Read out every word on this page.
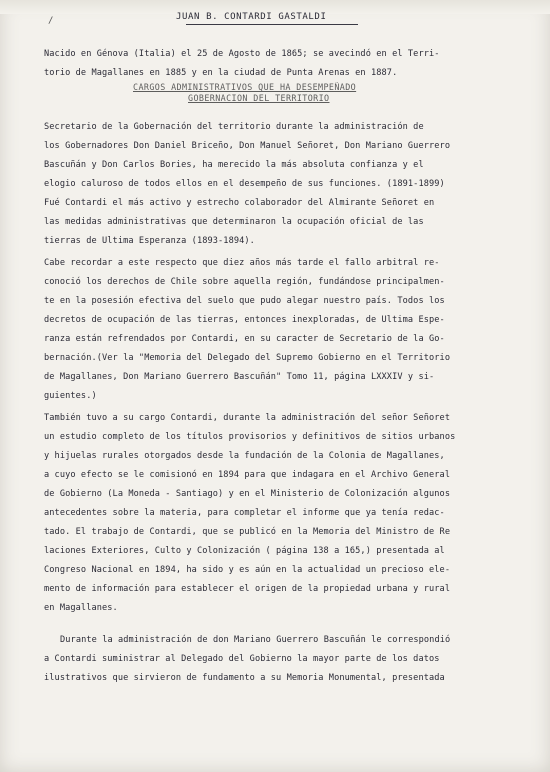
/	JUAN B. CONTARDI GASTALDI
Nacido en Génova (Italia) el 25 de Agosto de 1865; se avecindó en el Terri-
torio de Magallanes en 1885 y en la ciudad de Punta Arenas en 1887.
CARGOS ADMINISTRATIVOS QUE HA DESEMPEÑADO
GOBERNACION DEL TERRITORIO
Secretario de la Gobernación del territorio durante la administración de
los Gobernadores Don Daniel Briceño, Don Manuel Señoret, Don Mariano Guerrero
Bascuñán y Don Carlos Bories, ha merecido la más absoluta confianza y el
elogio caluroso de todos ellos en el desempeño de sus funciones. (1891-1899)
Fué Contardi el más activo y estrecho colaborador del Almirante Señoret en
las medidas administrativas que determinaron la ocupación oficial de las
tierras de Ultima Esperanza (1893-1894).
Cabe recordar a este respecto que diez años más tarde el fallo arbitral re-
conoció los derechos de Chile sobre aquella región, fundándose principalmen-
te en la posesión efectiva del suelo que pudo alegar nuestro país. Todos los
decretos de ocupación de las tierras, entonces inexploradas, de Ultima Espe-
ranza están refrendados por Contardi, en su caracter de Secretario de la Go-
bernación.(Ver la "Memoria del Delegado del Supremo Gobierno en el Territorio
de Magallanes, Don Mariano Guerrero Bascuñán" Tomo 11, página LXXXIV y si-
guientes.)
También tuvo a su cargo Contardi, durante la administración del señor Señoret
un estudio completo de los títulos provisorios y definitivos de sitios urbanos
y hijuelas rurales otorgados desde la fundación de la Colonia de Magallanes,
a cuyo efecto se le comisionó en 1894 para que indagara en el Archivo General
de Gobierno (La Moneda - Santiago) y en el Ministerio de Colonización algunos
antecedentes sobre la materia, para completar el informe que ya tenía redac-
tado. El trabajo de Contardi, que se publicó en la Memoria del Ministro de Re
laciones Exteriores, Culto y Colonización ( página 138 a 165,) presentada al
Congreso Nacional en 1894, ha sido y es aún en la actualidad un precioso ele-
mento de información para establecer el origen de la propiedad urbana y rural
en Magallanes.
Durante la administración de don Mariano Guerrero Bascuñán le correspondió
a Contardi suministrar al Delegado del Gobierno la mayor parte de los datos
ilustrativos que sirvieron de fundamento a su Memoria Monumental, presentada
